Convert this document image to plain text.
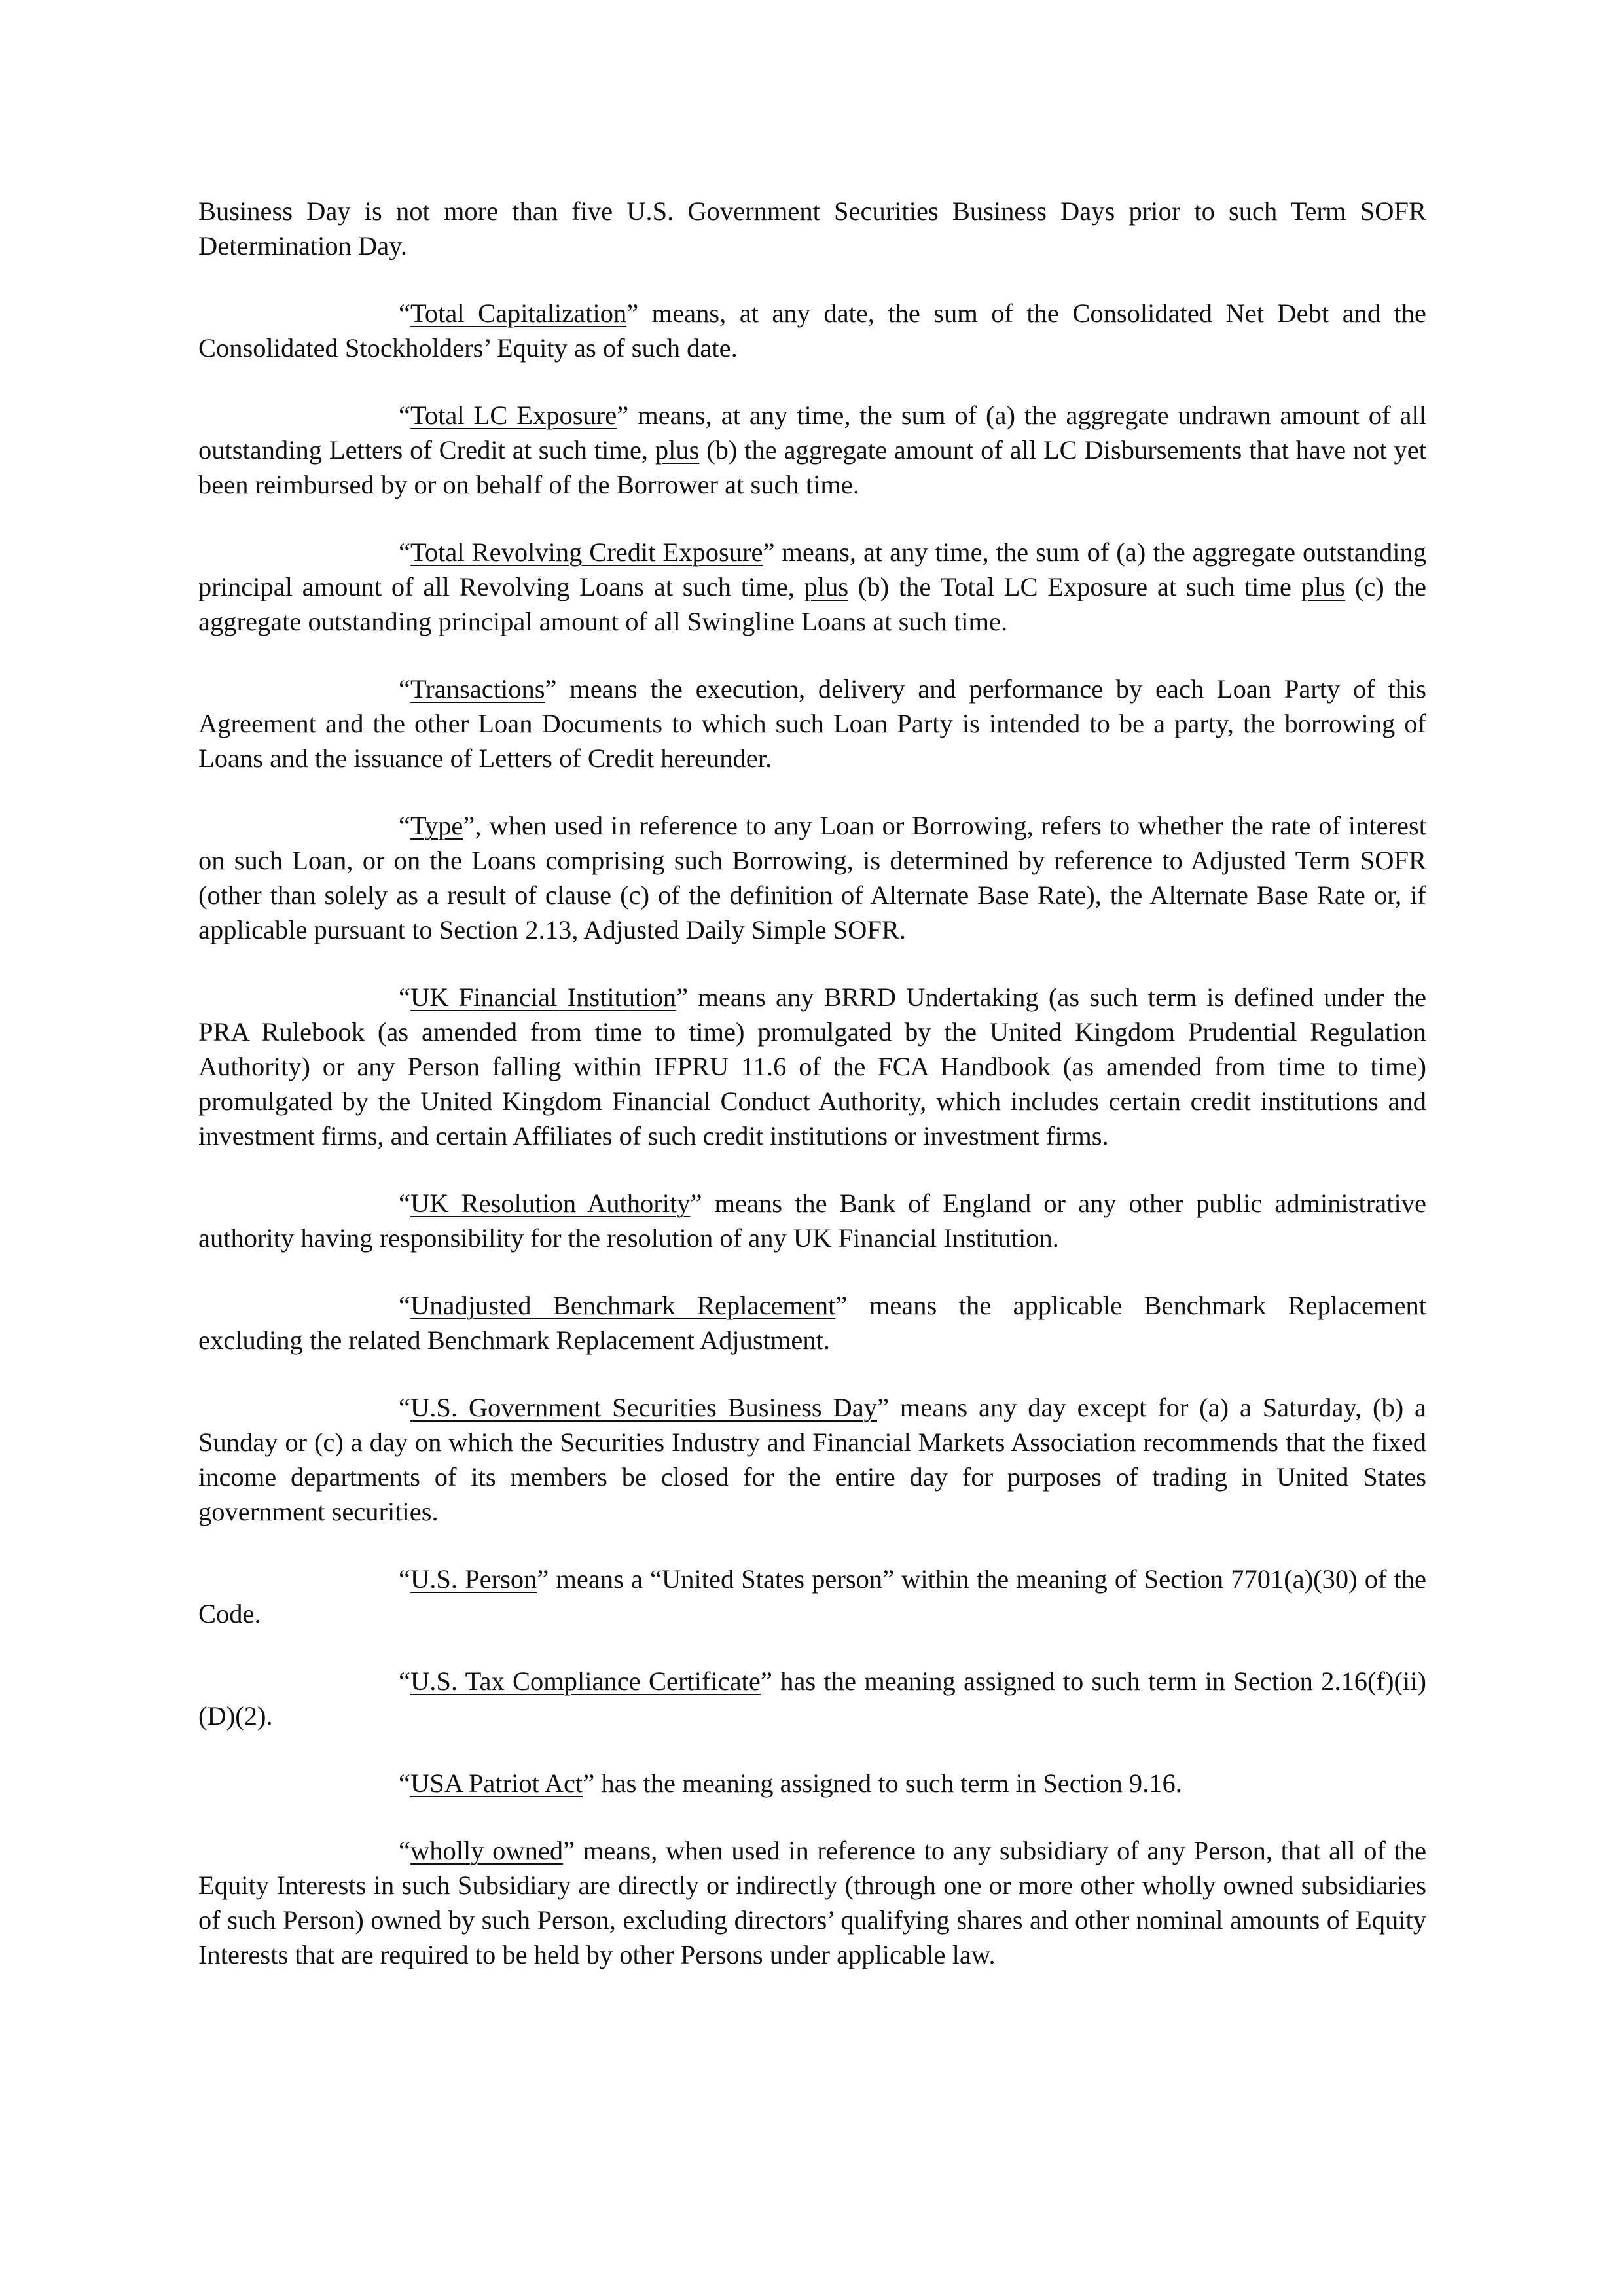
Business Day is not more than five U.S. Government Securities Business Days prior to such Term SOFR Determination Day.

“Total Capitalization” means, at any date, the sum of the Consolidated Net Debt and the Consolidated Stockholders’ Equity as of such date.

“Total LC Exposure” means, at any time, the sum of (a) the aggregate undrawn amount of all outstanding Letters of Credit at such time, plus (b) the aggregate amount of all LC Disbursements that have not yet been reimbursed by or on behalf of the Borrower at such time.

“Total Revolving Credit Exposure” means, at any time, the sum of (a) the aggregate outstanding principal amount of all Revolving Loans at such time, plus (b) the Total LC Exposure at such time plus (c) the aggregate outstanding principal amount of all Swingline Loans at such time.

“Transactions” means the execution, delivery and performance by each Loan Party of this Agreement and the other Loan Documents to which such Loan Party is intended to be a party, the borrowing of Loans and the issuance of Letters of Credit hereunder.

“Type”, when used in reference to any Loan or Borrowing, refers to whether the rate of interest on such Loan, or on the Loans comprising such Borrowing, is determined by reference to Adjusted Term SOFR (other than solely as a result of clause (c) of the definition of Alternate Base Rate), the Alternate Base Rate or, if applicable pursuant to Section 2.13, Adjusted Daily Simple SOFR.

“UK Financial Institution” means any BRRD Undertaking (as such term is defined under the PRA Rulebook (as amended from time to time) promulgated by the United Kingdom Prudential Regulation Authority) or any Person falling within IFPRU 11.6 of the FCA Handbook (as amended from time to time) promulgated by the United Kingdom Financial Conduct Authority, which includes certain credit institutions and investment firms, and certain Affiliates of such credit institutions or investment firms.

“UK Resolution Authority” means the Bank of England or any other public administrative authority having responsibility for the resolution of any UK Financial Institution.

“Unadjusted Benchmark Replacement” means the applicable Benchmark Replacement excluding the related Benchmark Replacement Adjustment.

“U.S. Government Securities Business Day” means any day except for (a) a Saturday, (b) a Sunday or (c) a day on which the Securities Industry and Financial Markets Association recommends that the fixed income departments of its members be closed for the entire day for purposes of trading in United States government securities.

“U.S. Person” means a “United States person” within the meaning of Section 7701(a)(30) of the Code.

“U.S. Tax Compliance Certificate” has the meaning assigned to such term in Section 2.16(f)(ii)(D)(2).

“USA Patriot Act” has the meaning assigned to such term in Section 9.16.

“wholly owned” means, when used in reference to any subsidiary of any Person, that all of the Equity Interests in such Subsidiary are directly or indirectly (through one or more other wholly owned subsidiaries of such Person) owned by such Person, excluding directors’ qualifying shares and other nominal amounts of Equity Interests that are required to be held by other Persons under applicable law.
